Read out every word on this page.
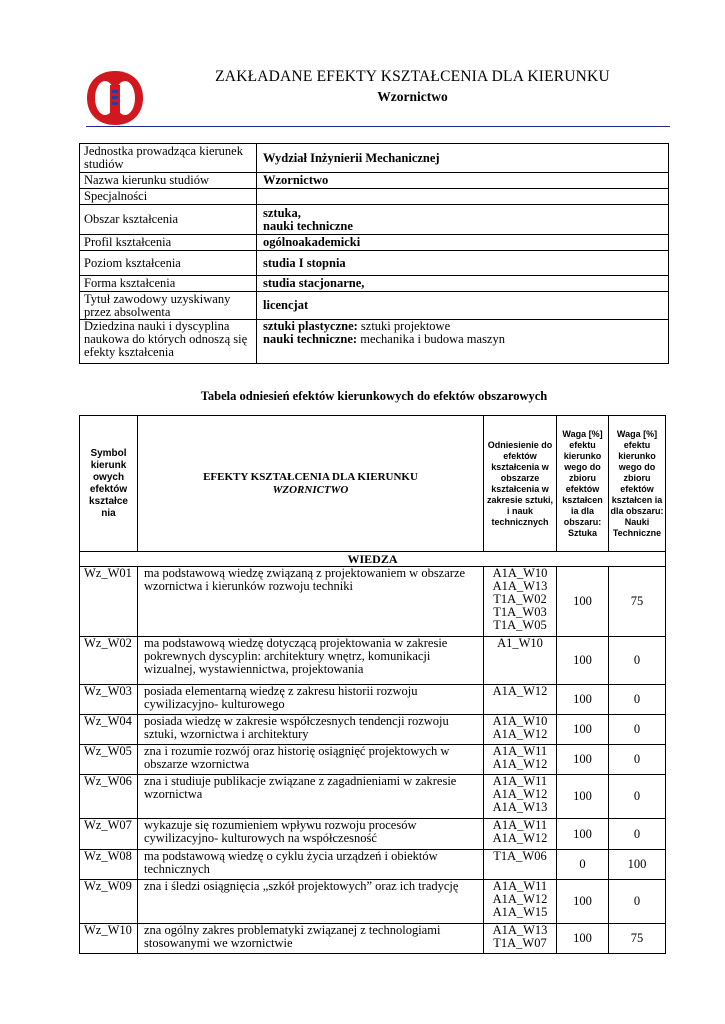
ZAKŁADANE EFEKTY KSZTAŁCENIA DLA KIERUNKU
Wzornictwo
Jednostka prowadząca kierunek studiów	Wydział Inżynierii Mechanicznej
Nazwa kierunku studiów	Wzornictwo
Specjalności	
Obszar kształcenia	sztuka,
nauki techniczne

Profil kształcenia	ogólnoakademicki
Poziom kształcenia	studia I stopnia
Forma kształcenia	studia stacjonarne,
Tytuł zawodowy uzyskiwany przez absolwenta	licencjat
Dziedzina nauki i dyscyplina naukowa do których odnoszą się efekty kształcenia	sztuki plastyczne: sztuki projektowe
nauki techniczne: mechanika i budowa maszyn
Tabela odniesień efektów kierunkowych do efektów obszarowych
Symbol kierunk owych efektów kształce nia	EFEKTY KSZTAŁCENIA DLA KIERUNKU
WZORNICTWO	Odniesienie do efektów kształcenia w obszarze kształcenia w zakresie sztuki, i nauk technicznych	Waga [%] efektu kierunko wego do zbioru efektów kształcen ia dla obszaru: Sztuka	Waga [%] efektu kierunko wego do zbioru efektów kształcen ia dla obszaru: Nauki Techniczne
WIEDZA				
Wz_W01	ma podstawową wiedzę związaną z projektowaniem w obszarze wzornictwa i kierunków rozwoju techniki	A1A_W10
A1A_W13
T1A_W02
T1A_W03
T1A_W05	100	75
Wz_W02	ma podstawową wiedzę dotyczącą projektowania w zakresie pokrewnych dyscyplin: architektury wnętrz, komunikacji wizualnej, wystawiennictwa, projektowania	A1_W10	100	0
Wz_W03	posiada elementarną wiedzę z zakresu historii rozwoju cywilizacyjno- kulturowego	A1A_W12	100	0
Wz_W04	posiada wiedzę w zakresie współczesnych tendencji rozwoju sztuki, wzornictwa i architektury	A1A_W10
A1A_W12	100	0
Wz_W05	zna i rozumie rozwój oraz historię osiągnięć projektowych w obszarze wzornictwa	A1A_W11
A1A_W12	100	0
Wz_W06	zna i studiuje publikacje związane z zagadnieniami w zakresie wzornictwa	A1A_W11
A1A_W12
A1A_W13	100	0
Wz_W07	wykazuje się rozumieniem wpływu rozwoju procesów cywilizacyjno- kulturowych na współczesność	A1A_W11
A1A_W12	100	0
Wz_W08	ma podstawową wiedzę o cyklu życia urządzeń i obiektów technicznych	T1A_W06	0	100
Wz_W09	zna i śledzi osiągnięcia „szkół projektowych” oraz ich tradycję	A1A_W11
A1A_W12
A1A_W15	100	0
Wz_W10	zna ogólny zakres problematyki związanej z technologiami stosowanymi we wzornictwie	A1A_W13
T1A_W07	100	75
